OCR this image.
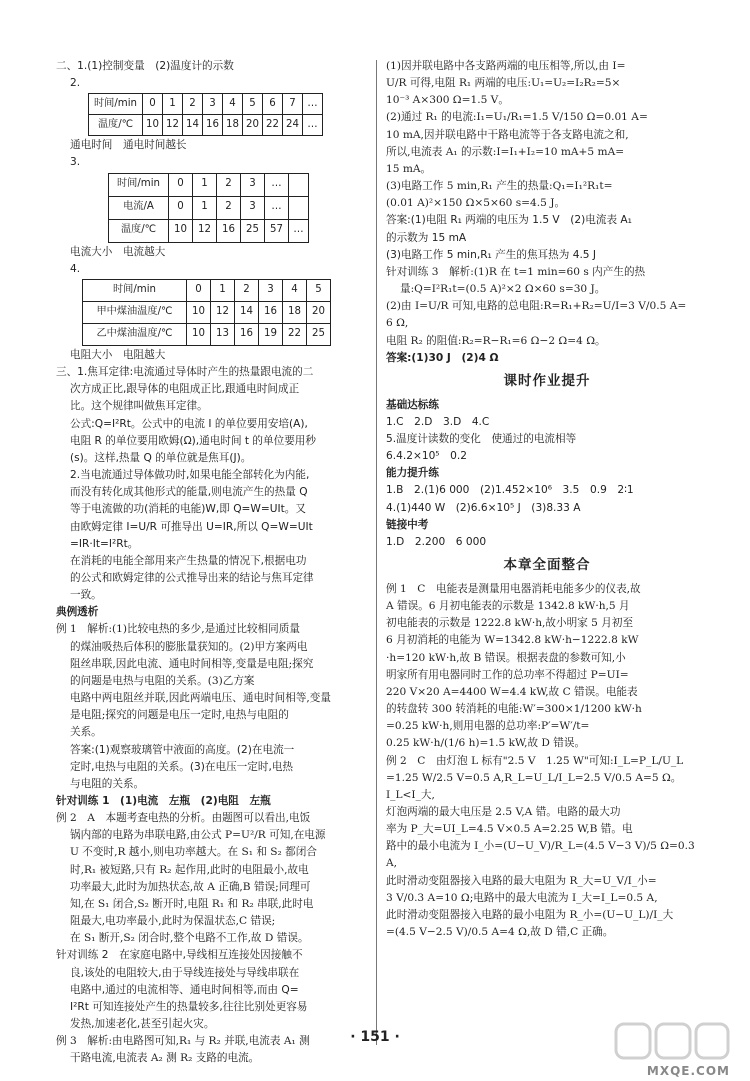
二、1.(1)控制变量　(2)温度计的示数

2.

时间/min	0	1	2	3	4	5	6	7	…
温度/℃	10	12	14	16	18	20	22	24	…

通电时间　通电时间越长

3.

时间/min	0	1	2	3	…	
电流/A	0	1	2	3	…	
温度/℃	10	12	16	25	57	…

电流大小　电流越大

4.

时间/min	0	1	2	3	4	5
甲中煤油温度/℃	10	12	14	16	18	20
乙中煤油温度/℃	10	13	16	19	22	25

电阻大小　电阻越大

三、1.焦耳定律:电流通过导体时产生的热量跟电流的二

次方成正比,跟导体的电阻成正比,跟通电时间成正

比。这个规律叫做焦耳定律。

公式:Q=I²Rt。公式中的电流 I 的单位要用安培(A),

电阻 R 的单位要用欧姆(Ω),通电时间 t 的单位要用秒

(s)。这样,热量 Q 的单位就是焦耳(J)。

2.当电流通过导体做功时,如果电能全部转化为内能,

而没有转化成其他形式的能量,则电流产生的热量 Q

等于电流做的功(消耗的电能)W,即 Q=W=UIt。又

由欧姆定律 I=U/R 可推导出 U=IR,所以 Q=W=UIt

=IR·It=I²Rt。

在消耗的电能全部用来产生热量的情况下,根据电功

的公式和欧姆定律的公式推导出来的结论与焦耳定律

一致。

典例透析

例 1　解析:(1)比较电热的多少,是通过比较相同质量

的煤油吸热后体积的膨胀量获知的。(2)甲方案两电

阻丝串联,因此电流、通电时间相等,变量是电阻;探究

的问题是电热与电阻的关系。(3)乙方案

电路中两电阻丝并联,因此两端电压、通电时间相等,变量

是电阻;探究的问题是电压一定时,电热与电阻的

关系。

答案:(1)观察玻璃管中液面的高度。(2)在电流一

定时,电热与电阻的关系。(3)在电压一定时,电热

与电阻的关系。

针对训练 1　(1)电流　左瓶　(2)电阻　左瓶

例 2　A　本题考查电热的分析。由题图可以看出,电饭

锅内部的电路为串联电路,由公式 P=U²/R 可知,在电源

U 不变时,R 越小,则电功率越大。在 S₁ 和 S₂ 都闭合

时,R₁ 被短路,只有 R₂ 起作用,此时的电阻最小,故电

功率最大,此时为加热状态,故 A 正确,B 错误;同理可

知,在 S₁ 闭合,S₂ 断开时,电阻 R₁ 和 R₂ 串联,此时电

阻最大,电功率最小,此时为保温状态,C 错误;

在 S₁ 断开,S₂ 闭合时,整个电路不工作,故 D 错误。

针对训练 2　在家庭电路中,导线相互连接处因接触不

良,该处的电阻较大,由于导线连接处与导线串联在

电路中,通过的电流相等、通电时间相等,而由 Q=

I²Rt 可知连接处产生的热量较多,往往比别处更容易

发热,加速老化,甚至引起火灾。

例 3　解析:由电路图可知,R₁ 与 R₂ 并联,电流表 A₁ 测

干路电流,电流表 A₂ 测 R₂ 支路的电流。

(1)因并联电路中各支路两端的电压相等,所以,由 I=

U/R 可得,电阻 R₁ 两端的电压:U₁=U₂=I₂R₂=5×

10⁻³ A×300 Ω=1.5 V。

(2)通过 R₁ 的电流:I₁=U₁/R₁=1.5 V/150 Ω=0.01 A=

10 mA,因并联电路中干路电流等于各支路电流之和,

所以,电流表 A₁ 的示数:I=I₁+I₂=10 mA+5 mA=

15 mA。

(3)电路工作 5 min,R₁ 产生的热量:Q₁=I₁²R₁t=

(0.01 A)²×150 Ω×5×60 s=4.5 J。

答案:(1)电阻 R₁ 两端的电压为 1.5 V　(2)电流表 A₁

的示数为 15 mA

(3)电路工作 5 min,R₁ 产生的焦耳热为 4.5 J

针对训练 3　解析:(1)R 在 t=1 min=60 s 内产生的热

量:Q=I²R₁t=(0.5 A)²×2 Ω×60 s=30 J。

(2)由 I=U/R 可知,电路的总电阻:R=R₁+R₂=U/I=3 V/0.5 A=

6 Ω,

电阻 R₂ 的阻值:R₂=R−R₁=6 Ω−2 Ω=4 Ω。

答案:(1)30 J　(2)4 Ω

课时作业提升

基础达标练

1.C　2.D　3.D　4.C

5.温度计读数的变化　使通过的电流相等

6.4.2×10⁵　0.2

能力提升练

1.B　2.(1)6 000　(2)1.452×10⁶　3.5　0.9　2∶1

4.(1)440 W　(2)6.6×10⁵ J　(3)8.33 A

链接中考

1.D　2.200　6 000

本章全面整合

例 1　C　电能表是测量用电器消耗电能多少的仪表,故

A 错误。6 月初电能表的示数是 1342.8 kW·h,5 月

初电能表的示数是 1222.8 kW·h,故小明家 5 月初至

6 月初消耗的电能为 W=1342.8 kW·h−1222.8 kW

·h=120 kW·h,故 B 错误。根据表盘的参数可知,小

明家所有用电器同时工作的总功率不得超过 P=UI=

220 V×20 A=4400 W=4.4 kW,故 C 错误。电能表

的转盘转 300 转消耗的电能:W′=300×1/1200 kW·h

=0.25 kW·h,则用电器的总功率:P′=W′/t=

0.25 kW·h/(1/6 h)=1.5 kW,故 D 错误。

例 2　C　由灯泡 L 标有"2.5 V　1.25 W"可知:I_L=P_L/U_L

=1.25 W/2.5 V=0.5 A,R_L=U_L/I_L=2.5 V/0.5 A=5 Ω。I_L<I_大,

灯泡两端的最大电压是 2.5 V,A 错。电路的最大功

率为 P_大=UI_L=4.5 V×0.5 A=2.25 W,B 错。电

路中的最小电流为 I_小=(U−U_V)/R_L=(4.5 V−3 V)/5 Ω=0.3 A,

此时滑动变阻器接入电路的最大电阻为 R_大=U_V/I_小=

3 V/0.3 A=10 Ω;电路中的最大电流为 I_大=I_L=0.5 A,

此时滑动变阻器接入电路的最小电阻为 R_小=(U−U_L)/I_大

=(4.5 V−2.5 V)/0.5 A=4 Ω,故 D 错,C 正确。

· 151 ·
MXQE.COM
